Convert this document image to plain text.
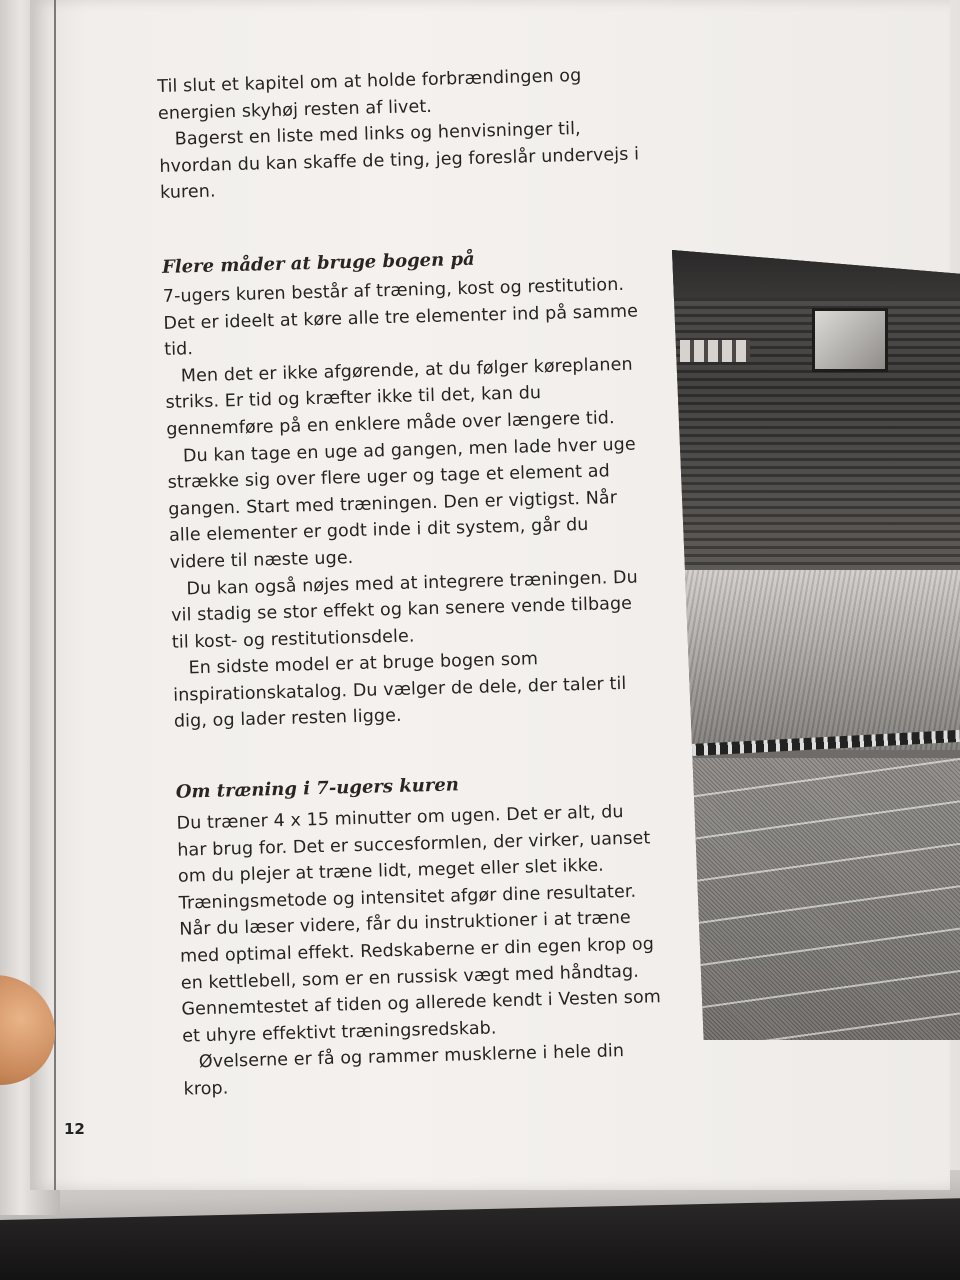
Til slut et kapitel om at holde forbrændingen og energien skyhøj resten af livet.

Bagerst en liste med links og henvisninger til, hvordan du kan skaffe de ting, jeg foreslår undervejs i kuren.

Flere måder at bruge bogen på

7-ugers kuren består af træning, kost og restitution. Det er ideelt at køre alle tre elementer ind på samme tid.

Men det er ikke afgørende, at du følger køreplanen striks. Er tid og kræfter ikke til det, kan du gennemføre på en enklere måde over længere tid.

Du kan tage en uge ad gangen, men lade hver uge strække sig over flere uger og tage et element ad gangen. Start med træningen. Den er vigtigst. Når alle elementer er godt inde i dit system, går du videre til næste uge.

Du kan også nøjes med at integrere træningen. Du vil stadig se stor effekt og kan senere vende tilbage til kost- og restitutionsdele.

En sidste model er at bruge bogen som inspirationskatalog. Du vælger de dele, der taler til dig, og lader resten ligge.

Om træning i 7-ugers kuren

Du træner 4 x 15 minutter om ugen. Det er alt, du har brug for. Det er succesformlen, der virker, uanset om du plejer at træne lidt, meget eller slet ikke.

Træningsmetode og intensitet afgør dine resultater. Når du læser videre, får du instruktioner i at træne med optimal effekt. Redskaberne er din egen krop og en kettlebell, som er en russisk vægt med håndtag. Gennemtestet af tiden og allerede kendt i Vesten som et uhyre effektivt træningsredskab.

Øvelserne er få og rammer musklerne i hele din krop.

12
